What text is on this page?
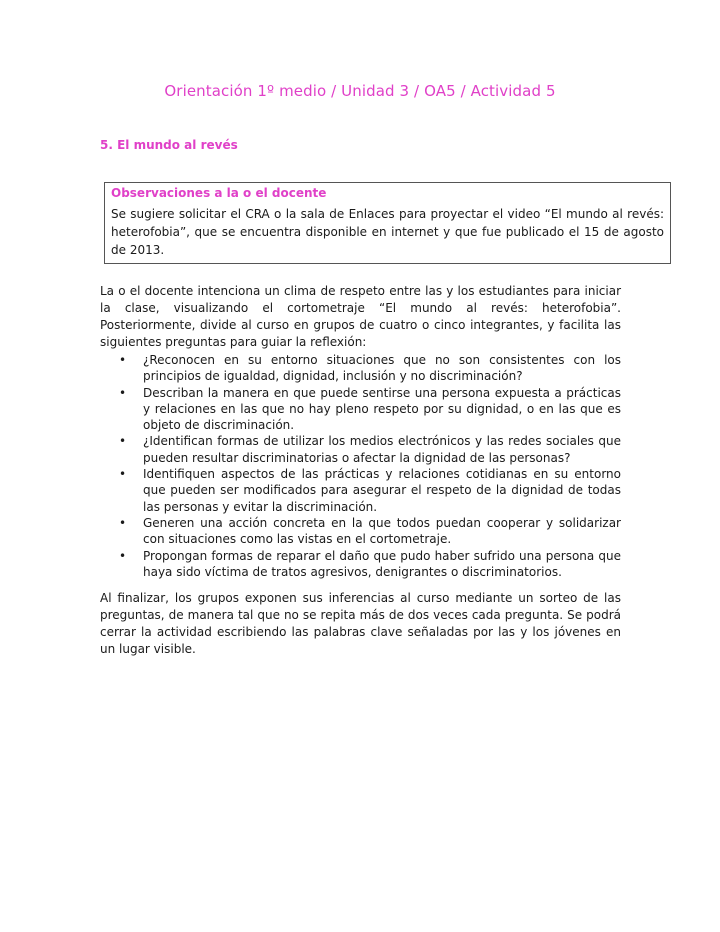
Orientación 1º medio / Unidad 3 / OA5 / Actividad 5
5. El mundo al revés
Observaciones a la o el docente
Se sugiere solicitar el CRA o la sala de Enlaces para proyectar el video “El mundo al revés: heterofobia”, que se encuentra disponible en internet y que fue publicado el 15 de agosto de 2013.
La o el docente intenciona un clima de respeto entre las y los estudiantes para iniciar la clase, visualizando el cortometraje “El mundo al revés: heterofobia”. Posteriormente, divide al curso en grupos de cuatro o cinco integrantes, y facilita las siguientes preguntas para guiar la reflexión:
• ¿Reconocen en su entorno situaciones que no son consistentes con los principios de igualdad, dignidad, inclusión y no discriminación?
• Describan la manera en que puede sentirse una persona expuesta a prácticas y relaciones en las que no hay pleno respeto por su dignidad, o en las que es objeto de discriminación.
• ¿Identifican formas de utilizar los medios electrónicos y las redes sociales que pueden resultar discriminatorias o afectar la dignidad de las personas?
• Identifiquen aspectos de las prácticas y relaciones cotidianas en su entorno que pueden ser modificados para asegurar el respeto de la dignidad de todas las personas y evitar la discriminación.
• Generen una acción concreta en la que todos puedan cooperar y solidarizar con situaciones como las vistas en el cortometraje.
• Propongan formas de reparar el daño que pudo haber sufrido una persona que haya sido víctima de tratos agresivos, denigrantes o discriminatorios.
Al finalizar, los grupos exponen sus inferencias al curso mediante un sorteo de las preguntas, de manera tal que no se repita más de dos veces cada pregunta. Se podrá cerrar la actividad escribiendo las palabras clave señaladas por las y los jóvenes en un lugar visible.
